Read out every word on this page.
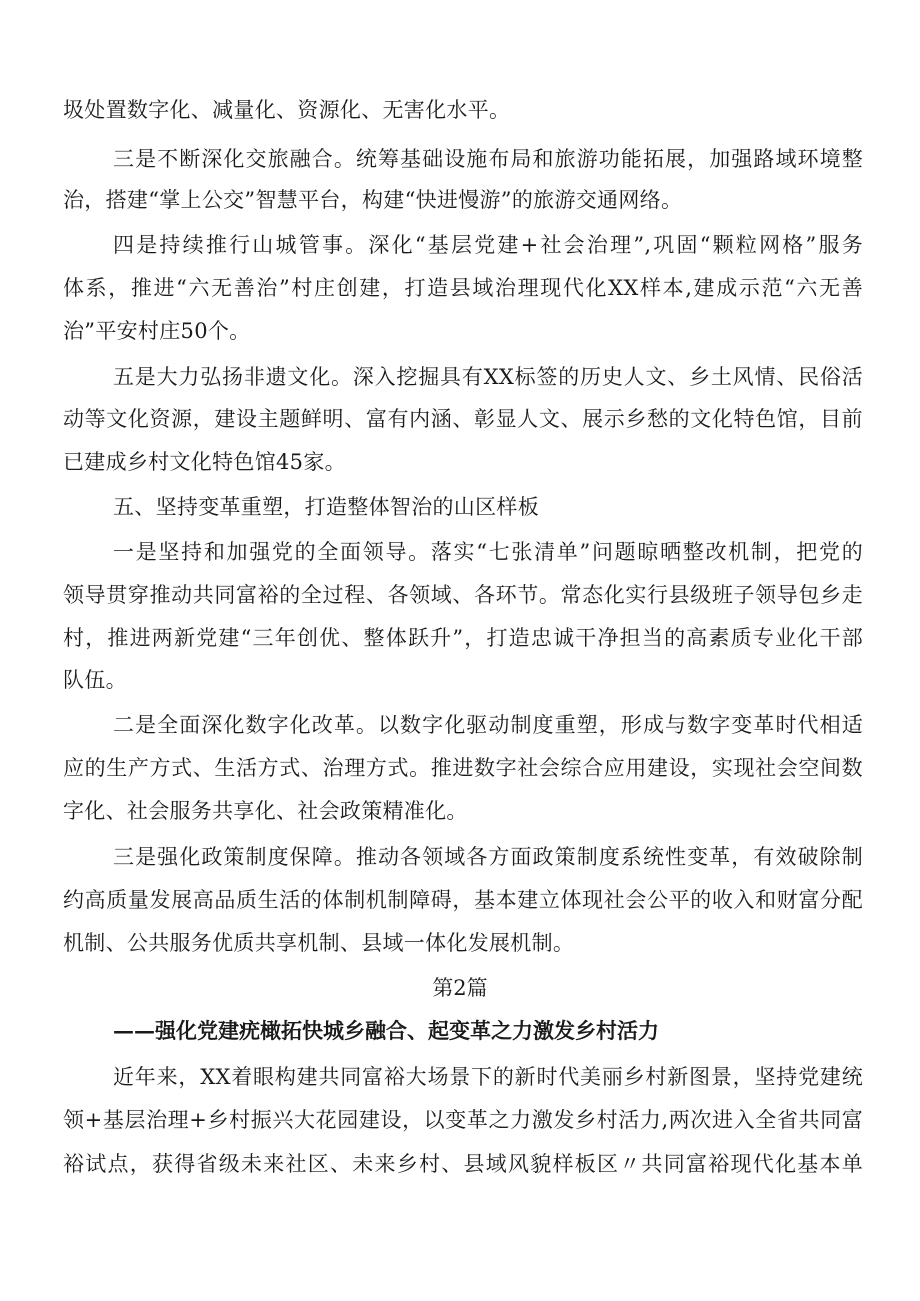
圾处置数字化、减量化、资源化、无害化水平。
三是不断深化交旅融合。统筹基础设施布局和旅游功能拓展，加强路域环境整
治，搭建“掌上公交”智慧平台，构建“快进慢游”的旅游交通网络。
四是持续推行山城管事。深化“基层党建+社会治理”,巩固“颗粒网格”服务
体系，推进“六无善治”村庄创建，打造县域治理现代化XX样本,建成示范“六无善
治”平安村庄50个。
五是大力弘扬非遗文化。深入挖掘具有XX标签的历史人文、乡土风情、民俗活
动等文化资源，建设主题鲜明、富有内涵、彰显人文、展示乡愁的文化特色馆，目前
已建成乡村文化特色馆45家。
五、坚持变革重塑，打造整体智治的山区样板
一是坚持和加强党的全面领导。落实“七张清单”问题晾晒整改机制，把党的
领导贯穿推动共同富裕的全过程、各领域、各环节。常态化实行县级班子领导包乡走
村，推进两新党建“三年创优、整体跃升”，打造忠诚干净担当的高素质专业化干部
队伍。
二是全面深化数字化改革。以数字化驱动制度重塑，形成与数字变革时代相适
应的生产方式、生活方式、治理方式。推进数字社会综合应用建设，实现社会空间数
字化、社会服务共享化、社会政策精准化。
三是强化政策制度保障。推动各领域各方面政策制度系统性变革，有效破除制
约高质量发展高品质生活的体制机制障碍，基本建立体现社会公平的收入和财富分配
机制、公共服务优质共享机制、县域一体化发展机制。
第2篇
——强化党建疣橄拓快城乡融合、起变革之力激发乡村活力
近年来，XX着眼构建共同富裕大场景下的新时代美丽乡村新图景，坚持党建统
领+基层治理+乡村振兴大花园建设，以变革之力激发乡村活力,两次进入全省共同富
裕试点，获得省级未来社区、未来乡村、县域风貌样板区〃共同富裕现代化基本单
